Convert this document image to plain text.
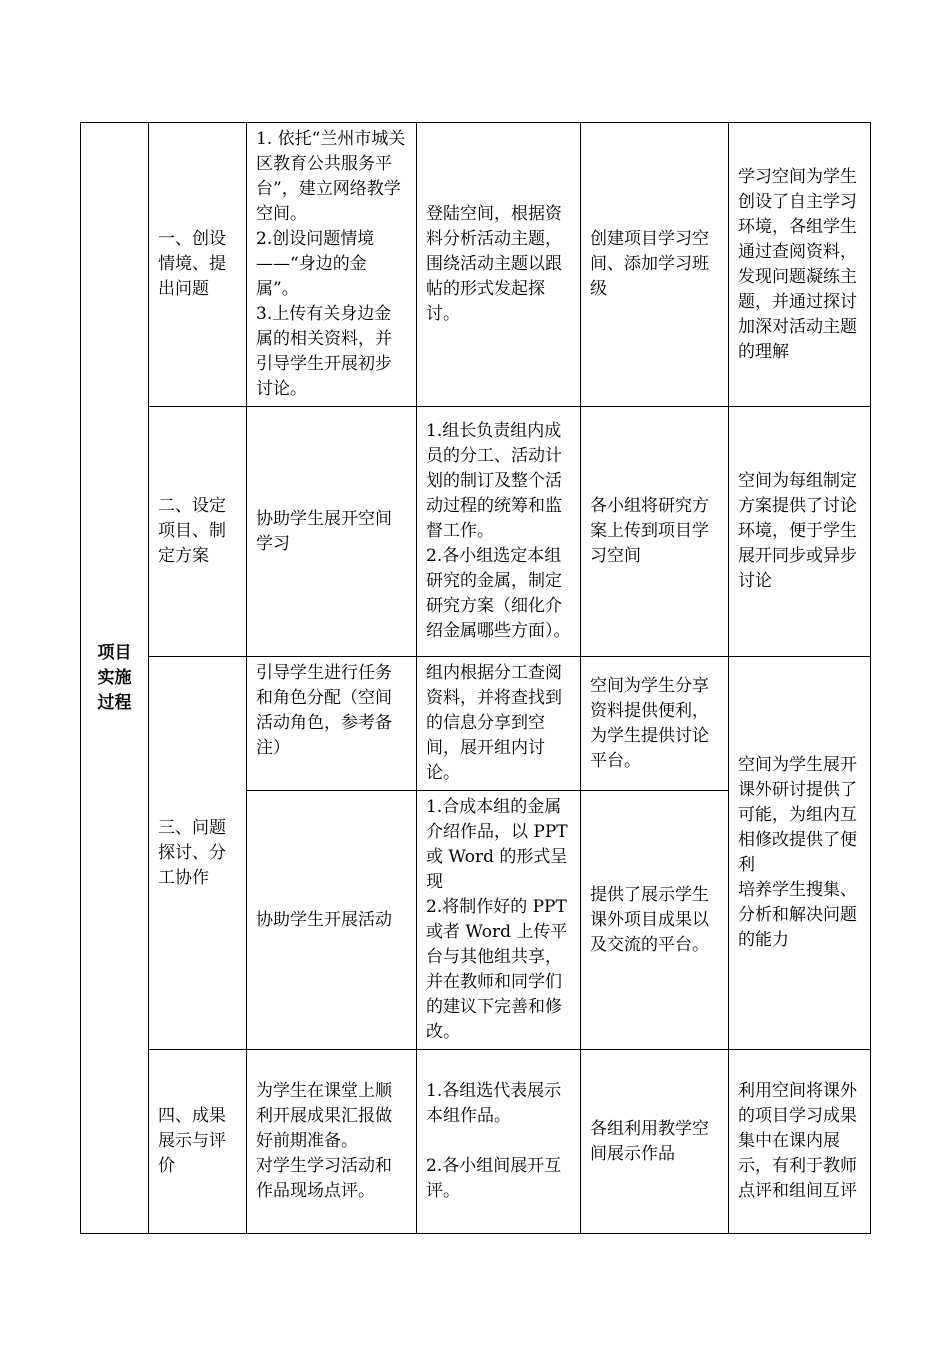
项目
实施
过程	一、创设情境、提出问题	1. 依托“兰州市城关区教育公共服务平台”，建立网络教学空间。
2.创设问题情境——“身边的金属”。
3.上传有关身边金属的相关资料，并引导学生开展初步讨论。	登陆空间，根据资料分析活动主题，围绕活动主题以跟帖的形式发起探讨。	创建项目学习空间、添加学习班级	学习空间为学生创设了自主学习环境，各组学生通过查阅资料，发现问题凝练主题，并通过探讨加深对活动主题的理解
	二、设定项目、制定方案	协助学生展开空间学习	1.组长负责组内成员的分工、活动计划的制订及整个活动过程的统筹和监督工作。
2.各小组选定本组研究的金属，制定研究方案（细化介绍金属哪些方面）。	各小组将研究方案上传到项目学习空间	空间为每组制定方案提供了讨论环境，便于学生展开同步或异步讨论
	三、问题探讨、分工协作	引导学生进行任务和角色分配（空间活动角色，参考备注）	组内根据分工查阅资料，并将查找到的信息分享到空间，展开组内讨论。	空间为学生分享资料提供便利，为学生提供讨论平台。	空间为学生展开课外研讨提供了可能，为组内互相修改提供了便利
培养学生搜集、分析和解决问题的能力

		协助学生开展活动	1.合成本组的金属介绍作品，以 PPT 或 Word 的形式呈现
2.将制作好的 PPT 或者 Word 上传平台与其他组共享，并在教师和同学们的建议下完善和修改。	提供了展示学生课外项目成果以及交流的平台。	
	四、成果展示与评价	为学生在课堂上顺利开展成果汇报做好前期准备。
对学生学习活动和作品现场点评。	1.各组选代表展示本组作品。
2.各小组间展开互评。	各组利用教学空间展示作品	利用空间将课外的项目学习成果集中在课内展示，有利于教师点评和组间互评
